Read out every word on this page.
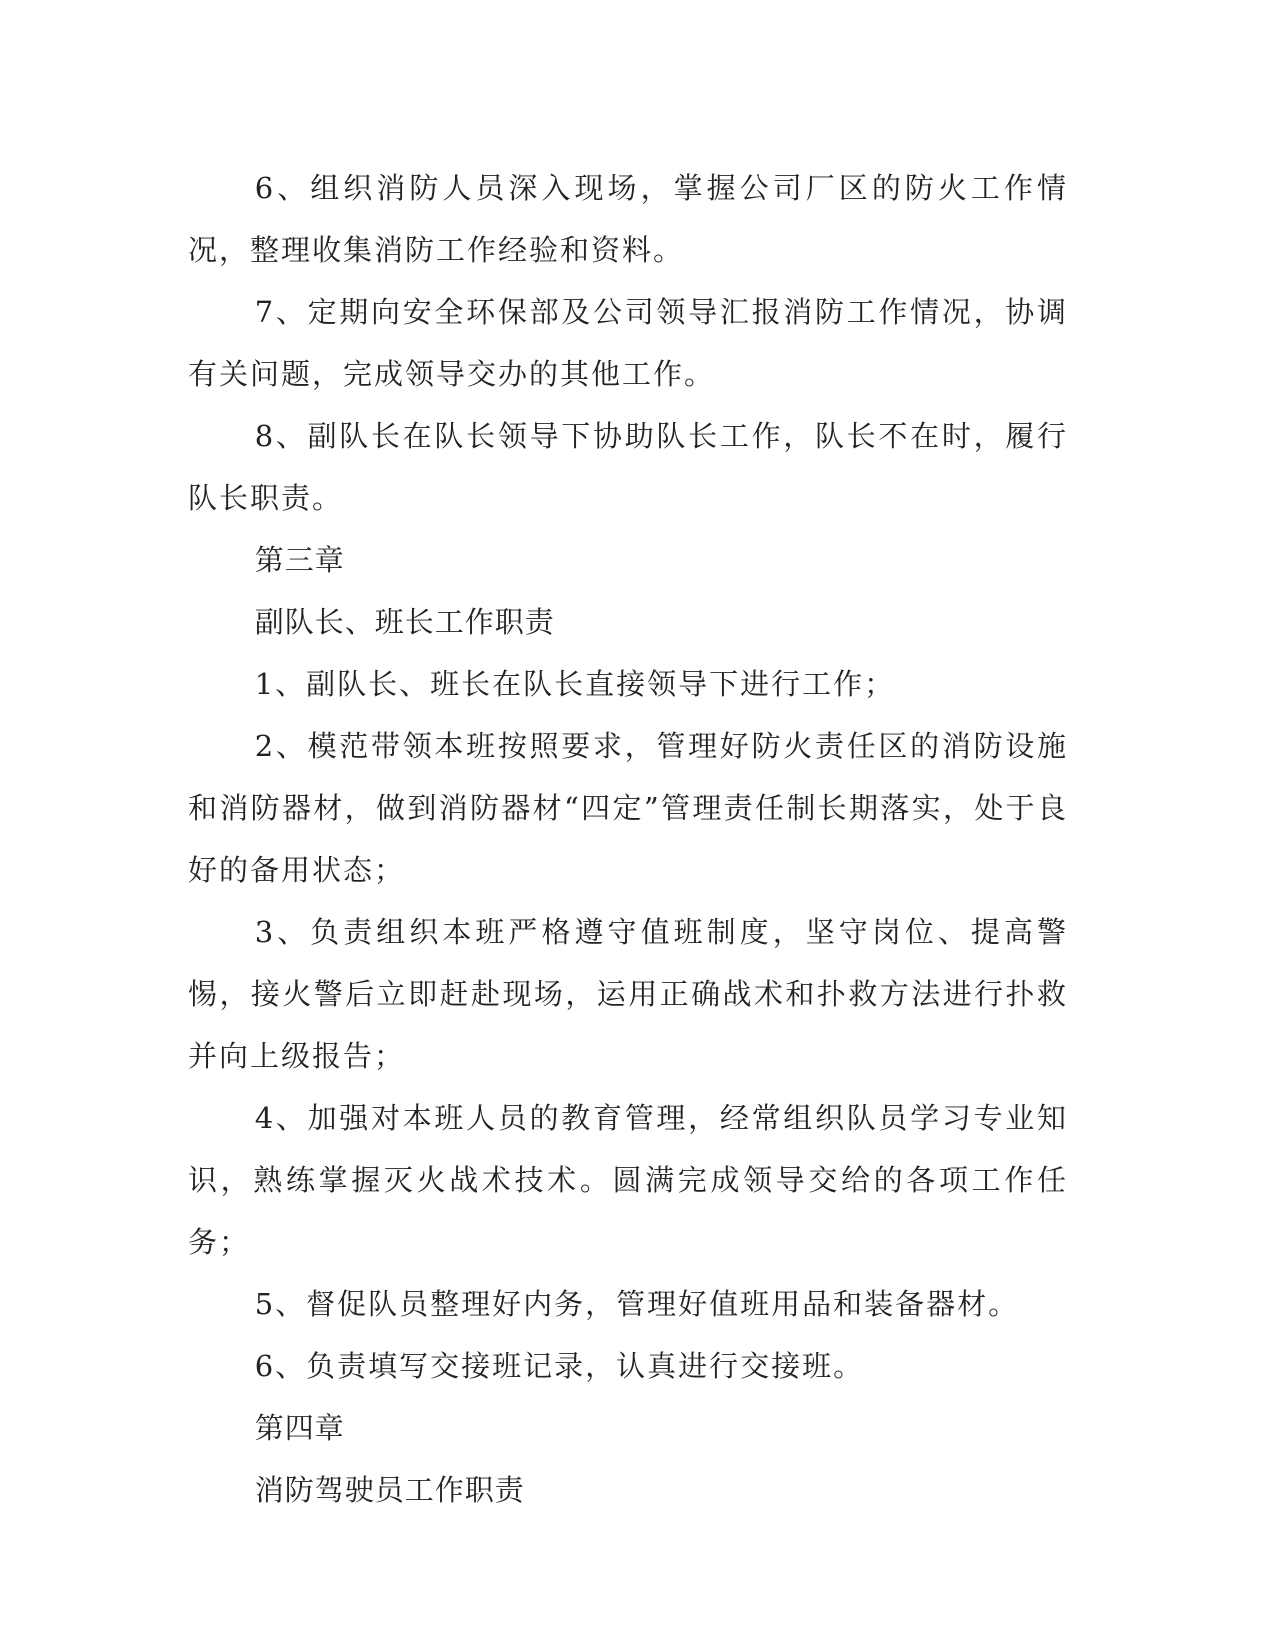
6、组织消防人员深入现场，掌握公司厂区的防火工作情况，整理收集消防工作经验和资料。

7、定期向安全环保部及公司领导汇报消防工作情况，协调有关问题，完成领导交办的其他工作。

8、副队长在队长领导下协助队长工作，队长不在时，履行队长职责。

第三章

副队长、班长工作职责

1、副队长、班长在队长直接领导下进行工作；

2、模范带领本班按照要求，管理好防火责任区的消防设施和消防器材，做到消防器材“四定”管理责任制长期落实，处于良好的备用状态；

3、负责组织本班严格遵守值班制度，坚守岗位、提高警惕，接火警后立即赶赴现场，运用正确战术和扑救方法进行扑救并向上级报告；

4、加强对本班人员的教育管理，经常组织队员学习专业知识，熟练掌握灭火战术技术。圆满完成领导交给的各项工作任务；

5、督促队员整理好内务，管理好值班用品和装备器材。

6、负责填写交接班记录，认真进行交接班。

第四章

消防驾驶员工作职责
